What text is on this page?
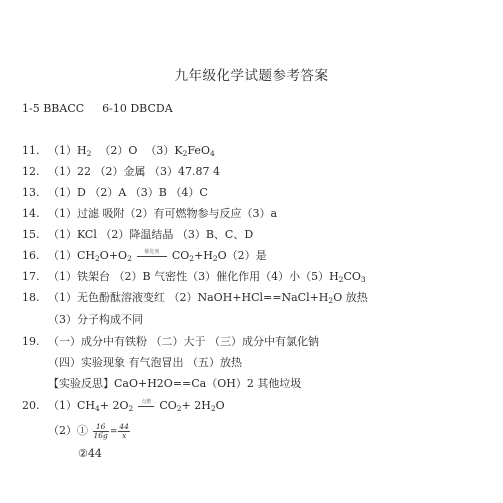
九年级化学试题参考答案
1-5 BBACC 6-10 DBCDA
11. $(1)H_2$ （2）O $(3)K_2FeO_4$
12. （1）22 （2）金属 （3）47.87 4
13. （1）D （2）A （3）B （4）C
14. （1）过滤 吸附（2）有可燃物参与反应（3）a
15. （1）KCl （2）降温结晶 （3）B、C、D
16. $(1)CH_2O+O_2$
催化剂	$CO_2+H_2O(2)$是
17. （1）铁架台 （2）B 气密性（3）催化作用（4）小$(5)H_2CO_3$
18. （1）无色酚酞溶液变红 $(2)NaOH+HCl==NaCl+H_2O$ 放热
（3）分子构成不同
19. （一）成分中有铁粉 （二）大于 （三）成分中有氯化钠
（四）实验现象 有气泡冒出 （五）放热
【实验反思】CaO+H2O==Ca（OH）2 其他垃圾
20. $(1)CH_4+ 2O_2$
点燃 $CO_2+ 2H_2O$
（2）① $\frac{16}{16g} = \frac{44}{x}$
②44
